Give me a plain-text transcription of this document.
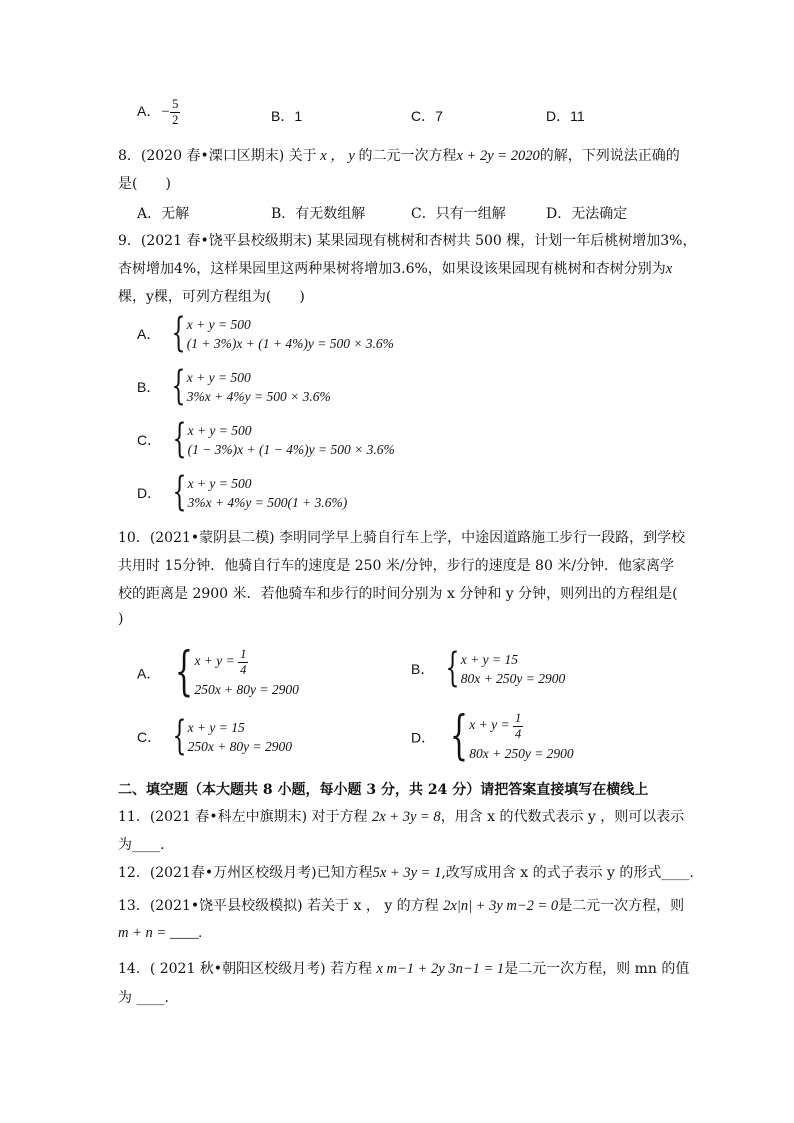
A．− $\frac{5}{2}$	B．1	C．7	D．11
8．(2020 春•溧口区期末) 关于 x ， y 的二元一次方程x + 2y = 2020的解，下列说法正确的
是(　　)
A．无解	B．有无数组解	C．只有一组解	D．无法确定
9．(2021 春•饶平县校级期末) 某果园现有桃树和杏树共 500 棵，计划一年后桃树增加3%，
杏树增加4%，这样果园里这两种果树将增加3.6%，如果设该果园现有桃树和杏树分别为x
棵，y棵，可列方程组为(　　)
A． { x + y = 500
(1 + 3%)x + (1 + 4%)y = 500 × 3.6%
B． { x + y = 500
3%x + 4%y = 500 × 3.6%
C． { x + y = 500
(1 − 3%)x + (1 − 4%)y = 500 × 3.6%
D． { x + y = 500
3%x + 4%y = 500(1 + 3.6%)
10．(2021•蒙阴县二模) 李明同学早上骑自行车上学，中途因道路施工步行一段路，到学校
共用时 15分钟．他骑自行车的速度是 250 米/分钟，步行的速度是 80 米/分钟．他家离学
校的距离是 2900 米．若他骑车和步行的时间分别为 x 分钟和 y 分钟，则列出的方程组是(
)
A． { $x + y = \frac{1}{4}$
250x + 80y = 2900
B． { x + y = 15
80x + 250y = 2900
C． { x + y = 15
250x + 80y = 2900
D． { $x + y = \frac{1}{4}$
80x + 250y = 2900
二、填空题（本大题共 8 小题，每小题 3 分，共 24 分）请把答案直接填写在横线上
11．(2021 春•科左中旗期末) 对于方程 2x + 3y = 8，用含 x 的代数式表示 y ，则可以表示
为____.
12．(2021春•万州区校级月考)已知方程5x + 3y = 1,改写成用含 x 的式子表示 y 的形式____.
13．(2021•饶平县校级模拟) 若关于 x ， y 的方程 2x|n| + 3y m−2 = 0是二元一次方程，则
m + n = ____.
14．( 2021 秋•朝阳区校级月考) 若方程 x m−1 + 2y 3n−1 = 1是二元一次方程，则 mn 的值
为 ____.
